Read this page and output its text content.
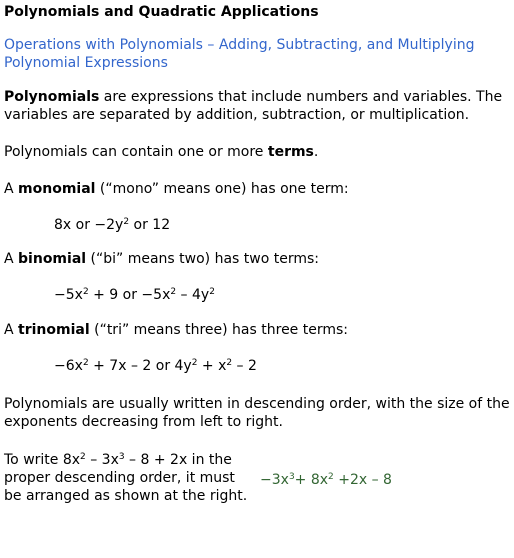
Polynomials and Quadratic Applications
Operations with Polynomials – Adding, Subtracting, and Multiplying Polynomial Expressions

Polynomials are expressions that include numbers and variables. The variables are separated by addition, subtraction, or multiplication.

Polynomials can contain one or more terms.

A monomial (“mono” means one) has one term:

8x or $-2y^2$ or 12

A binomial (“bi” means two) has two terms:

$-5x^2 + 9$ or $-5x^2 - 4y^2$

A trinomial (“tri” means three) has three terms:

$-6x^2 + 7x - 2$ or $4y^2 + x^2 - 2$

Polynomials are usually written in descending order, with the size of the exponents decreasing from left to right.

To write $8x^2 - 3x^3 - 8 + 2x$ in the proper descending order, it must be arranged as shown at the right.
$-3x^3+ 8x^2 +2x - 8$
